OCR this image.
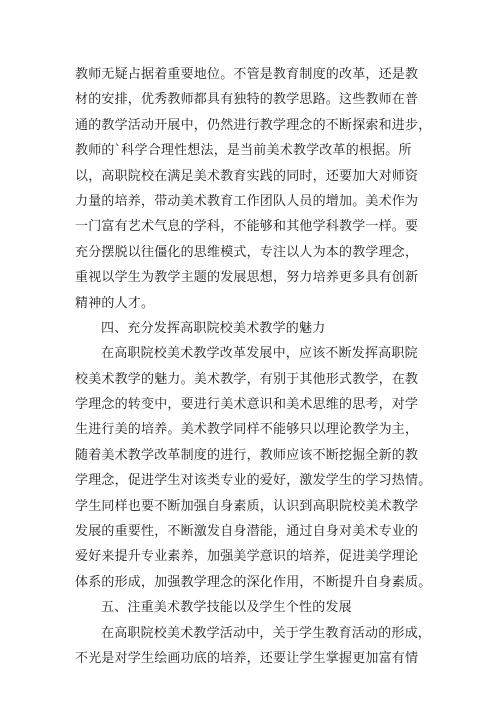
教师无疑占据着重要地位。不管是教育制度的改革，还是教
材的安排，优秀教师都具有独特的教学思路。这些教师在普
通的教学活动开展中，仍然进行教学理念的不断探索和进步，
教师的`科学合理性想法，是当前美术教学改革的根据。所
以，高职院校在满足美术教育实践的同时，还要加大对师资
力量的培养，带动美术教育工作团队人员的增加。美术作为
一门富有艺术气息的学科，不能够和其他学科教学一样。要
充分摆脱以往僵化的思维模式，专注以人为本的教学理念，
重视以学生为教学主题的发展思想，努力培养更多具有创新
精神的人才。
四、充分发挥高职院校美术教学的魅力
在高职院校美术教学改革发展中，应该不断发挥高职院
校美术教学的魅力。美术教学，有别于其他形式教学，在教
学理念的转变中，要进行美术意识和美术思维的思考，对学
生进行美的培养。美术教学同样不能够只以理论教学为主，
随着美术教学改革制度的进行，教师应该不断挖掘全新的教
学理念，促进学生对该类专业的爱好，激发学生的学习热情。
学生同样也要不断加强自身素质，认识到高职院校美术教学
发展的重要性，不断激发自身潜能，通过自身对美术专业的
爱好来提升专业素养，加强美学意识的培养，促进美学理论
体系的形成，加强教学理念的深化作用，不断提升自身素质。
五、注重美术教学技能以及学生个性的发展
在高职院校美术教学活动中，关于学生教育活动的形成，
不光是对学生绘画功底的培养，还要让学生掌握更加富有情
